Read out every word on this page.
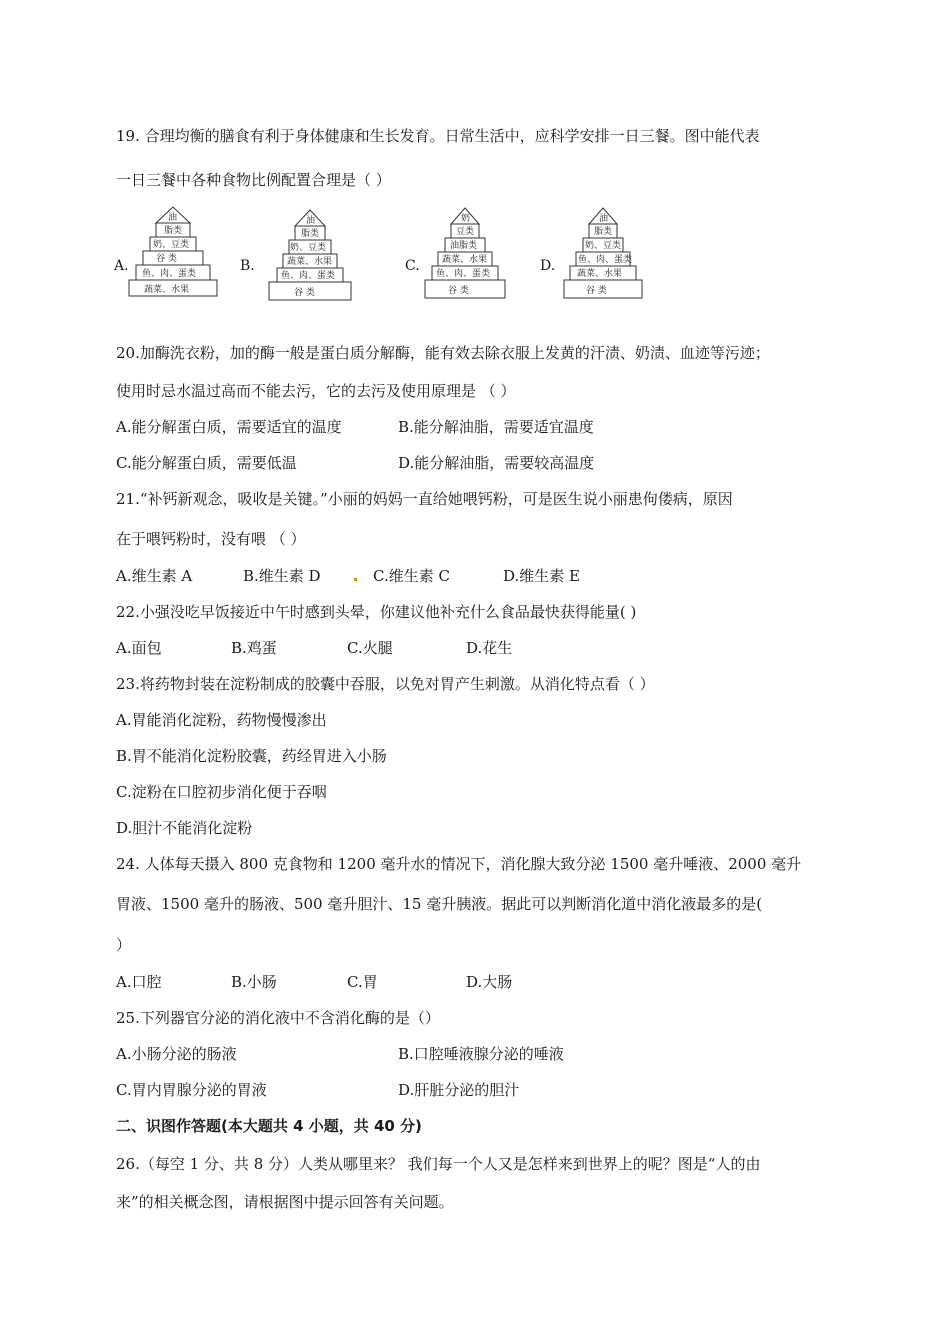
19. 合理均衡的膳食有利于身体健康和生长发育。日常生活中，应科学安排一日三餐。图中能代表
一日三餐中各种食物比例配置合理是（ ）
A.
油
脂类
奶、豆类
谷 类
鱼、肉、蛋类
蔬菜、水果
B.
油
脂类
奶、豆类
蔬菜、水果
鱼、肉、蛋类
谷 类
C.
奶
豆类
油脂类
蔬菜、水果
鱼、肉、蛋类
谷 类
D.
油
脂类
奶、豆类
鱼、肉、蛋类
蔬菜、水果
谷 类
20.加酶洗衣粉，加的酶一般是蛋白质分解酶，能有效去除衣服上发黄的汗渍、奶渍、血迹等污迹；
使用时忌水温过高而不能去污，它的去污及使用原理是 （ ）
A.能分解蛋白质，需要适宜的温度	B.能分解油脂，需要适宜温度
C.能分解蛋白质，需要低温	D.能分解油脂，需要较高温度
21.“补钙新观念，吸收是关键。”小丽的妈妈一直给她喂钙粉，可是医生说小丽患佝偻病，原因
在于喂钙粉时，没有喂 （ ）
A.维生素 A	B.维生素 D	C.维生素 C	D.维生素 E
22.小强没吃早饭接近中午时感到头晕，你建议他补充什么食品最快获得能量( )
A.面包	B.鸡蛋	C.火腿	D.花生
23.将药物封装在淀粉制成的胶囊中吞服，以免对胃产生刺激。从消化特点看（ ）
A.胃能消化淀粉，药物慢慢渗出
B.胃不能消化淀粉胶囊，药经胃进入小肠
C.淀粉在口腔初步消化便于吞咽
D.胆汁不能消化淀粉
24. 人体每天摄入 800 克食物和 1200 毫升水的情况下，消化腺大致分泌 1500 毫升唾液、2000 毫升
胃液、1500 毫升的肠液、500 毫升胆汁、15 毫升胰液。据此可以判断消化道中消化液最多的是(
）
A.口腔	B.小肠	C.胃	D.大肠
25.下列器官分泌的消化液中不含消化酶的是（）
A.小肠分泌的肠液	B.口腔唾液腺分泌的唾液
C.胃内胃腺分泌的胃液	D.肝脏分泌的胆汁
二、识图作答题(本大题共 4 小题，共 40 分)
26.（每空 1 分、共 8 分）人类从哪里来？ 我们每一个人又是怎样来到世界上的呢？图是“人的由
来”的相关概念图，请根据图中提示回答有关问题。
